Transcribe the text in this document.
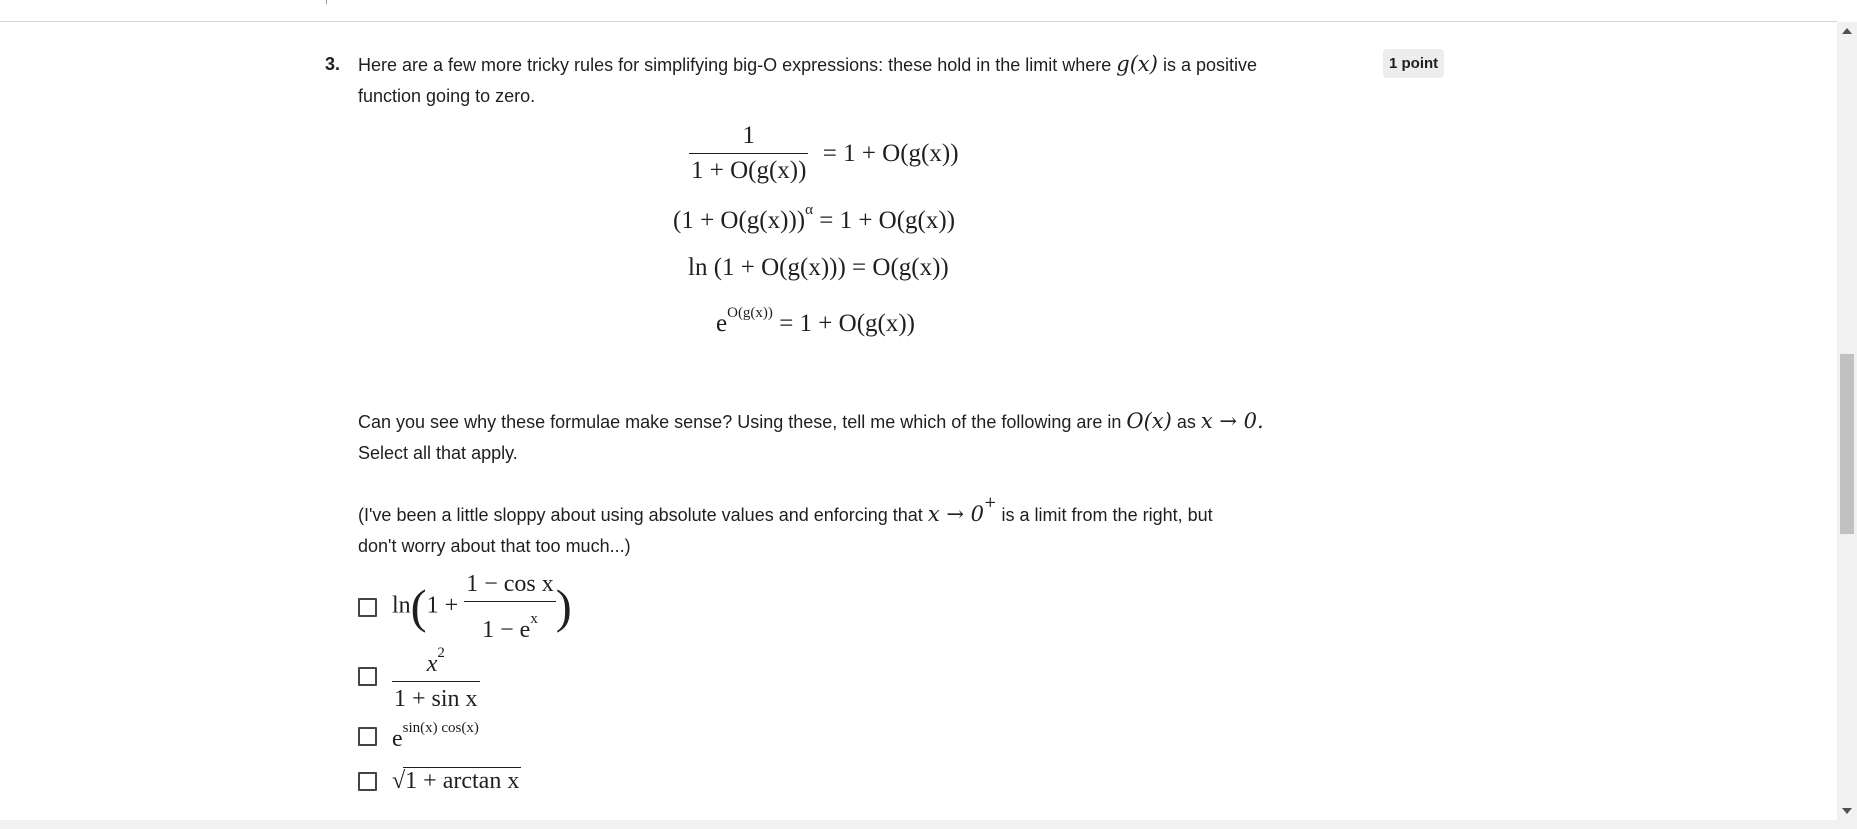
3.	1 point
Here are a few more tricky rules for simplifying big-O expressions: these hold in the limit where g(x) is a positive
function going to zero.
$\frac{1}{1 + O(g(x))} = 1 + O(g(x))$
$(1 + O(g(x)))^\alpha = 1 + O(g(x))$
ln (1 + O(g(x))) = O(g(x))
$e^{O(g(x))} = 1 + O(g(x))$
Can you see why these formulae make sense? Using these, tell me which of the following are in O(x) as x → 0.
Select all that apply.
(I've been a little sloppy about using absolute values and enforcing that x → 0+ is a limit from the right, but
don't worry about that too much...)
$\ln(1 + \frac{\text{1 − cos x}}{1 - e^x}$ )
$\frac{x^2}{\text{1 + sin x}}$
$e^{sin(x) cos(x)}$
√1 + arctan x
